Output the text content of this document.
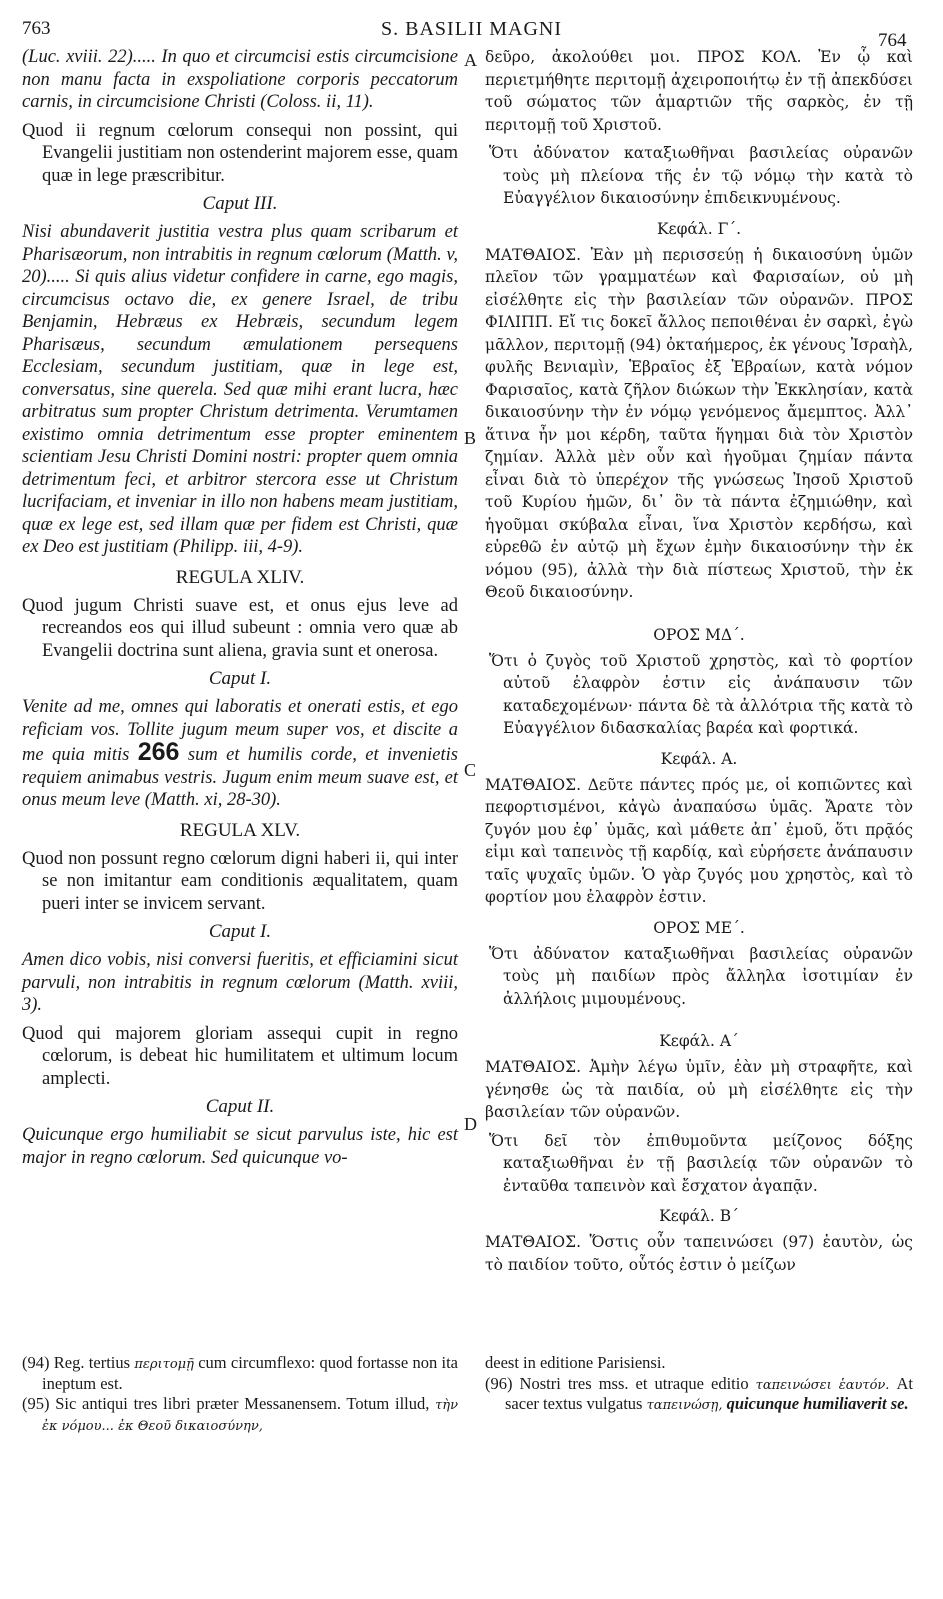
763	S. BASILII MAGNI
764
A
B
C
D

(Luc. xviii. 22)..... In quo et circumcisi estis circumcisione non manu facta in exspoliatione corporis peccatorum carnis, in circumcisione Christi (Coloss. ii, 11).

Quod ii regnum cœlorum consequi non possint, qui Evangelii justitiam non ostenderint majorem esse, quam quæ in lege præscribitur.

Caput III.

Nisi abundaverit justitia vestra plus quam scribarum et Pharisæorum, non intrabitis in regnum cœlorum (Matth. v, 20)..... Si quis alius videtur confidere in carne, ego magis, circumcisus octavo die, ex genere Israel, de tribu Benjamin, Hebræus ex Hebræis, secundum legem Pharisæus, secundum æmulationem persequens Ecclesiam, secundum justitiam, quæ in lege est, conversatus, sine querela. Sed quæ mihi erant lucra, hæc arbitratus sum propter Christum detrimenta. Verumtamen existimo omnia detrimentum esse propter eminentem scientiam Jesu Christi Domini nostri: propter quem omnia detrimentum feci, et arbitror stercora esse ut Christum lucrifaciam, et inveniar in illo non habens meam justitiam, quæ ex lege est, sed illam quæ per fidem est Christi, quæ ex Deo est justitiam (Philipp. iii, 4-9).

REGULA XLIV.

Quod jugum Christi suave est, et onus ejus leve ad recreandos eos qui illud subeunt : omnia vero quæ ab Evangelii doctrina sunt aliena, gravia sunt et onerosa.

Caput I.

Venite ad me, omnes qui laboratis et onerati estis, et ego reficiam vos. Tollite jugum meum super vos, et discite a me quia mitis 266 sum et humilis corde, et invenietis requiem animabus vestris. Jugum enim meum suave est, et onus meum leve (Matth. xi, 28-30).

REGULA XLV.

Quod non possunt regno cœlorum digni haberi ii, qui inter se non imitantur eam conditionis æqualitatem, quam pueri inter se invicem servant.

Caput I.

Amen dico vobis, nisi conversi fueritis, et efficiamini sicut parvuli, non intrabitis in regnum cœlorum (Matth. xviii, 3).

Quod qui majorem gloriam assequi cupit in regno cœlorum, is debeat hic humilitatem et ultimum locum amplecti.

Caput II.

Quicunque ergo humiliabit se sicut parvulus iste, hic est major in regno cœlorum. Sed quicunque vo-

δεῦρο, ἀκολούθει μοι. ΠΡΟΣ ΚΟΛ. Ἐν ᾧ καὶ περιετμήθητε περιτομῇ ἀχειροποιήτῳ ἐν τῇ ἀπεκδύσει τοῦ σώματος τῶν ἁμαρτιῶν τῆς σαρκὸς, ἐν τῇ περιτομῇ τοῦ Χριστοῦ.

Ὅτι ἀδύνατον καταξιωθῆναι βασιλείας οὐρανῶν τοὺς μὴ πλείονα τῆς ἐν τῷ νόμῳ τὴν κατὰ τὸ Εὐαγγέλιον δικαιοσύνην ἐπιδεικνυμένους.

Κεφάλ. Γ΄.

ΜΑΤΘΑΙΟΣ. Ἐὰν μὴ περισσεύῃ ἡ δικαιοσύνη ὑμῶν πλεῖον τῶν γραμματέων καὶ Φαρισαίων, οὐ μὴ εἰσέλθητε εἰς τὴν βασιλείαν τῶν οὐρανῶν. ΠΡΟΣ ΦΙΛΙΠΠ. Εἴ τις δοκεῖ ἄλλος πεποιθέναι ἐν σαρκὶ, ἐγὼ μᾶλλον, περιτομῇ (94) ὀκταήμερος, ἐκ γένους Ἰσραὴλ, φυλῆς Βενιαμὶν, Ἑβραῖος ἐξ Ἑβραίων, κατὰ νόμον Φαρισαῖος, κατὰ ζῆλον διώκων τὴν Ἐκκλησίαν, κατὰ δικαιοσύνην τὴν ἐν νόμῳ γενόμενος ἄμεμπτος. Ἀλλ᾽ ἅτινα ἦν μοι κέρδη, ταῦτα ἥγημαι διὰ τὸν Χριστὸν ζημίαν. Ἀλλὰ μὲν οὖν καὶ ἡγοῦμαι ζημίαν πάντα εἶναι διὰ τὸ ὑπερέχον τῆς γνώσεως Ἰησοῦ Χριστοῦ τοῦ Κυρίου ἡμῶν, δι᾽ ὃν τὰ πάντα ἐζημιώθην, καὶ ἡγοῦμαι σκύβαλα εἶναι, ἵνα Χριστὸν κερδήσω, καὶ εὑρεθῶ ἐν αὐτῷ μὴ ἔχων ἐμὴν δικαιοσύνην τὴν ἐκ νόμου (95), ἀλλὰ τὴν διὰ πίστεως Χριστοῦ, τὴν ἐκ Θεοῦ δικαιοσύνην.

ΟΡΟΣ ΜΔ΄.

Ὅτι ὁ ζυγὸς τοῦ Χριστοῦ χρηστὸς, καὶ τὸ φορτίον αὐτοῦ ἐλαφρὸν ἐστιν εἰς ἀνάπαυσιν τῶν καταδεχομένων· πάντα δὲ τὰ ἀλλότρια τῆς κατὰ τὸ Εὐαγγέλιον διδασκαλίας βαρέα καὶ φορτικά.

Κεφάλ. Α.

ΜΑΤΘΑΙΟΣ. Δεῦτε πάντες πρός με, οἱ κοπιῶντες καὶ πεφορτισμένοι, κἀγὼ ἀναπαύσω ὑμᾶς. Ἄρατε τὸν ζυγόν μου ἐφ᾽ ὑμᾶς, καὶ μάθετε ἀπ᾽ ἐμοῦ, ὅτι πρᾷός εἰμι καὶ ταπεινὸς τῇ καρδίᾳ, καὶ εὑρήσετε ἀνάπαυσιν ταῖς ψυχαῖς ὑμῶν. Ὁ γὰρ ζυγός μου χρηστὸς, καὶ τὸ φορτίον μου ἐλαφρὸν ἐστιν.

ΟΡΟΣ ΜΕ΄.

Ὅτι ἀδύνατον καταξιωθῆναι βασιλείας οὐρανῶν τοὺς μὴ παιδίων πρὸς ἄλληλα ἰσοτιμίαν ἐν ἀλλήλοις μιμουμένους.

Κεφάλ. Α΄

ΜΑΤΘΑΙΟΣ. Ἀμὴν λέγω ὑμῖν, ἐὰν μὴ στραφῆτε, καὶ γένησθε ὡς τὰ παιδία, οὐ μὴ εἰσέλθητε εἰς τὴν βασιλείαν τῶν οὐρανῶν.

Ὅτι δεῖ τὸν ἐπιθυμοῦντα μείζονος δόξης καταξιωθῆναι ἐν τῇ βασιλείᾳ τῶν οὐρανῶν τὸ ἐνταῦθα ταπεινὸν καὶ ἔσχατον ἀγαπᾷν.

Κεφάλ. Β΄

ΜΑΤΘΑΙΟΣ. Ὅστις οὖν ταπεινώσει (97) ἑαυτὸν, ὡς τὸ παιδίον τοῦτο, οὗτός ἐστιν ὁ μείζων

(94) Reg. tertius περιτομῇ cum circumflexo: quod fortasse non ita ineptum est.

(95) Sic antiqui tres libri præter Messanensem. Totum illud, τὴν ἐκ νόμου... ἐκ Θεοῦ δικαιοσύνην,

deest in editione Parisiensi.

(96) Nostri tres mss. et utraque editio ταπεινώσει ἑαυτόν. At sacer textus vulgatus ταπεινώσῃ, quicunque humiliaverit se.
